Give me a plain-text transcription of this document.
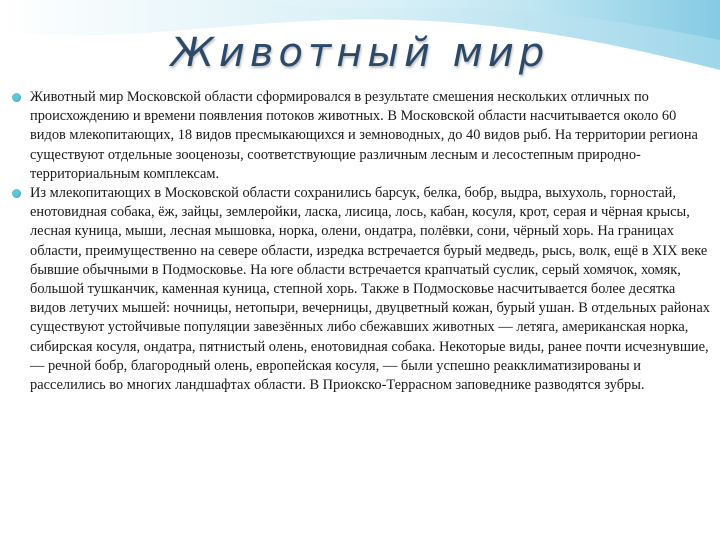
Животный мир
Животный мир Московской области сформировался в результате смешения нескольких отличных по происхождению и времени появления потоков животных. В Московской области насчитывается около 60 видов млекопитающих, 18 видов пресмыкающихся и земноводных, до 40 видов рыб. На территории региона существуют отдельные зооценозы, соответствующие различным лесным и лесостепным природно-территориальным комплексам.
Из млекопитающих в Московской области сохранились барсук, белка, бобр, выдра, выхухоль, горностай, енотовидная собака, ёж, зайцы, землеройки, ласка, лисица, лось, кабан, косуля, крот, серая и чёрная крысы, лесная куница, мыши, лесная мышовка, норка, олени, ондатра, полёвки, сони, чёрный хорь. На границах области, преимущественно на севере области, изредка встречается бурый медведь, рысь, волк, ещё в XIX веке бывшие обычными в Подмосковье. На юге области встречается крапчатый суслик, серый хомячок, хомяк, большой тушканчик, каменная куница, степной хорь. Также в Подмосковье насчитывается более десятка видов летучих мышей: ночницы, нетопыри, вечерницы, двуцветный кожан, бурый ушан. В отдельных районах существуют устойчивые популяции завезённых либо сбежавших животных — летяга, американская норка, сибирская косуля, ондатра, пятнистый олень, енотовидная собака. Некоторые виды, ранее почти исчезнувшие, — речной бобр, благородный олень, европейская косуля, — были успешно реакклиматизированы и расселились во многих ландшафтах области. В Приокско-Террасном заповеднике разводятся зубры.
